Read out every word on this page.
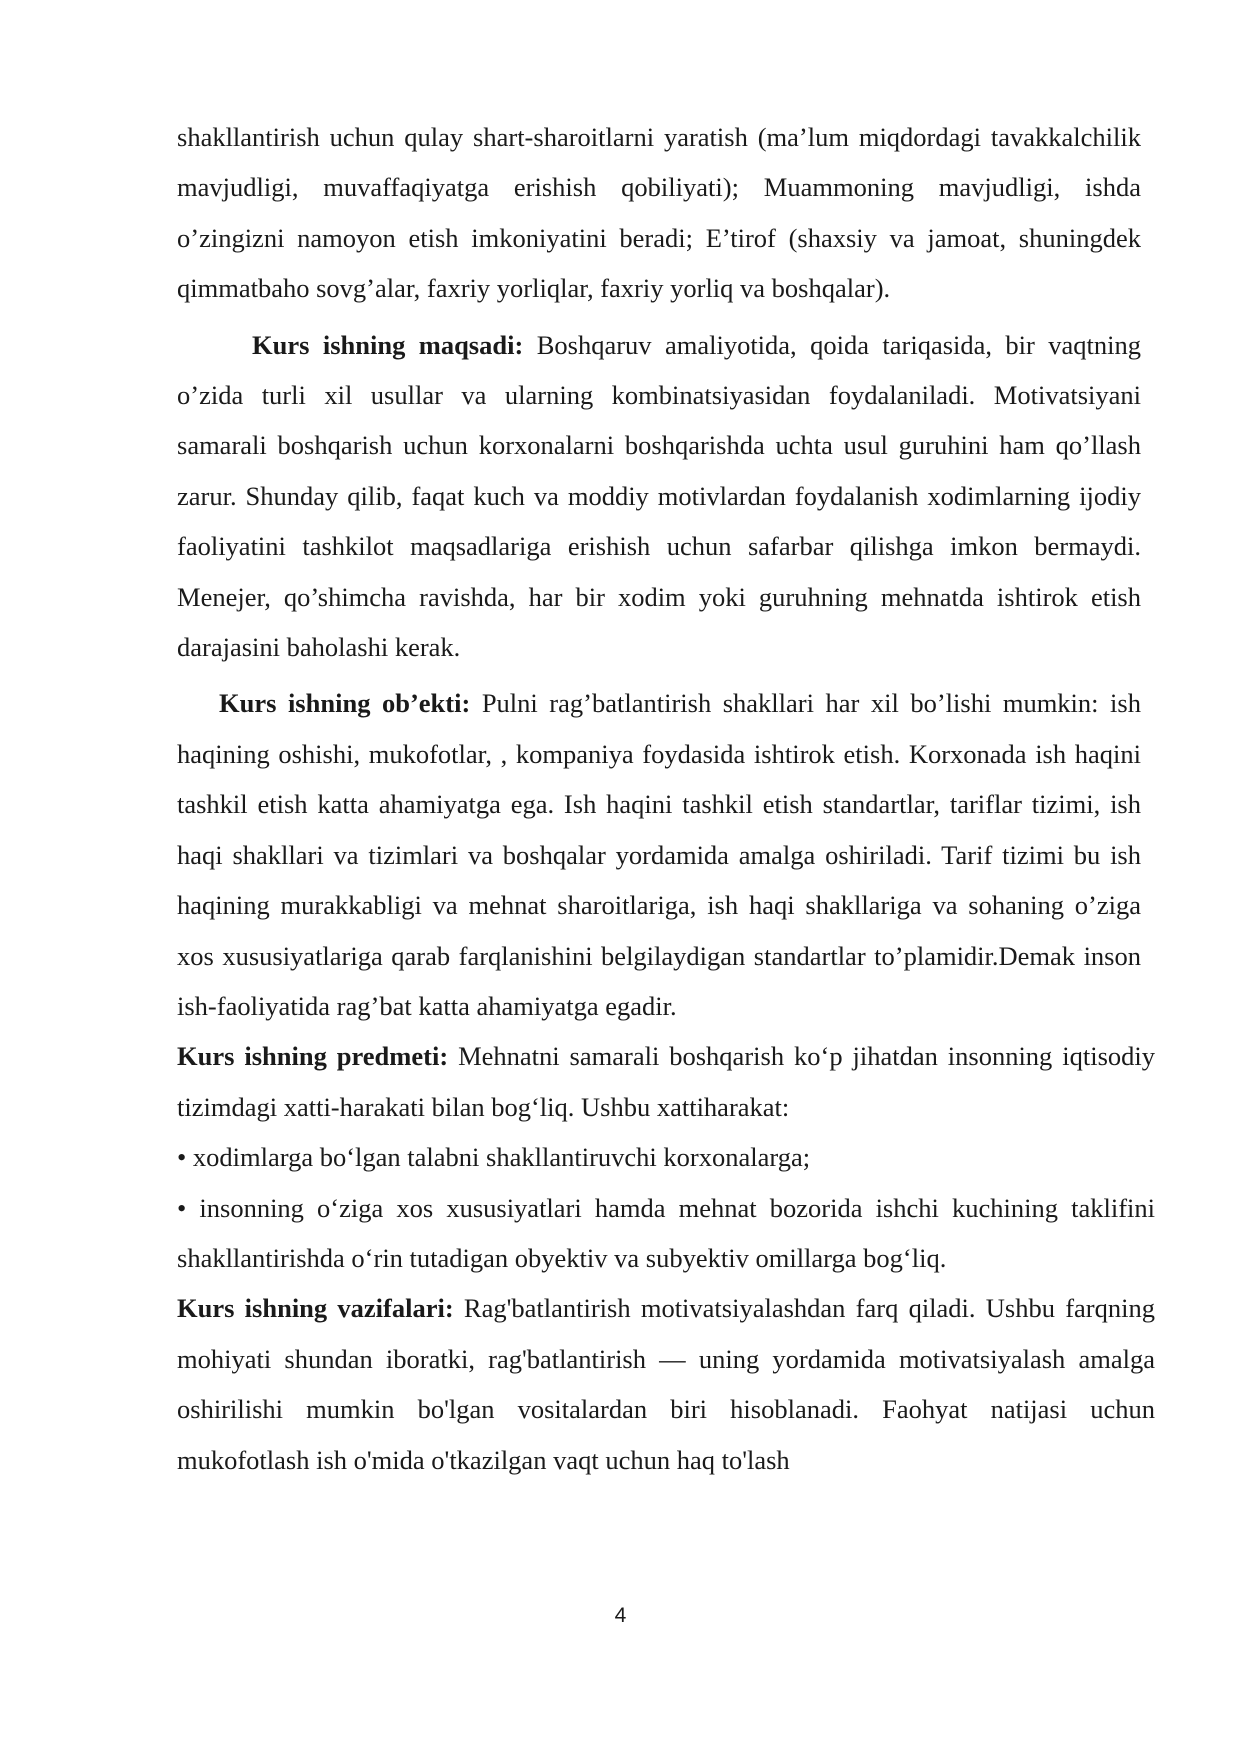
shakllantirish uchun qulay shart-sharoitlarni yaratish (ma’lum miqdordagi tavakkalchilik mavjudligi, muvaffaqiyatga erishish qobiliyati); Muammoning mavjudligi, ishda o’zingizni namoyon etish imkoniyatini beradi; E’tirof (shaxsiy va jamoat, shuningdek qimmatbaho sovg’alar, faxriy yorliqlar, faxriy yorliq va boshqalar).

Kurs ishning maqsadi: Boshqaruv amaliyotida, qoida tariqasida, bir vaqtning o’zida turli xil usullar va ularning kombinatsiyasidan foydalaniladi. Motivatsiyani samarali boshqarish uchun korxonalarni boshqarishda uchta usul guruhini ham qo’llash zarur. Shunday qilib, faqat kuch va moddiy motivlardan foydalanish xodimlarning ijodiy faoliyatini tashkilot maqsadlariga erishish uchun safarbar qilishga imkon bermaydi. Menejer, qo’shimcha ravishda, har bir xodim yoki guruhning mehnatda ishtirok etish darajasini baholashi kerak.

Kurs ishning ob’ekti: Pulni rag’batlantirish shakllari har xil bo’lishi mumkin: ish haqining oshishi, mukofotlar, , kompaniya foydasida ishtirok etish. Korxonada ish haqini tashkil etish katta ahamiyatga ega. Ish haqini tashkil etish standartlar, tariflar tizimi, ish haqi shakllari va tizimlari va boshqalar yordamida amalga oshiriladi. Tarif tizimi bu ish haqining murakkabligi va mehnat sharoitlariga, ish haqi shakllariga va sohaning o’ziga xos xususiyatlariga qarab farqlanishini belgilaydigan standartlar to’plamidir.Demak inson ish-faoliyatida rag’bat katta ahamiyatga egadir.

Kurs ishning predmeti: Mehnatni samarali boshqarish ko‘p jihatdan insonning iqtisodiy tizimdagi xatti-harakati bilan bog‘liq. Ushbu xattiharakat:

• xodimlarga bo‘lgan talabni shakllantiruvchi korxonalarga;

• insonning o‘ziga xos xususiyatlari hamda mehnat bozorida ishchi kuchining taklifini shakllantirishda o‘rin tutadigan obyektiv va subyektiv omillarga bog‘liq.

Kurs ishning vazifalari: Rag'batlantirish motivatsiyalashdan farq qiladi. Ushbu farqning mohiyati shundan iboratki, rag'batlantirish — uning yordamida motivatsiyalash amalga oshirilishi mumkin bo'lgan vositalardan biri hisoblanadi. Faohyat natijasi uchun mukofotlash ish o'mida o'tkazilgan vaqt uchun haq to'lash

4
